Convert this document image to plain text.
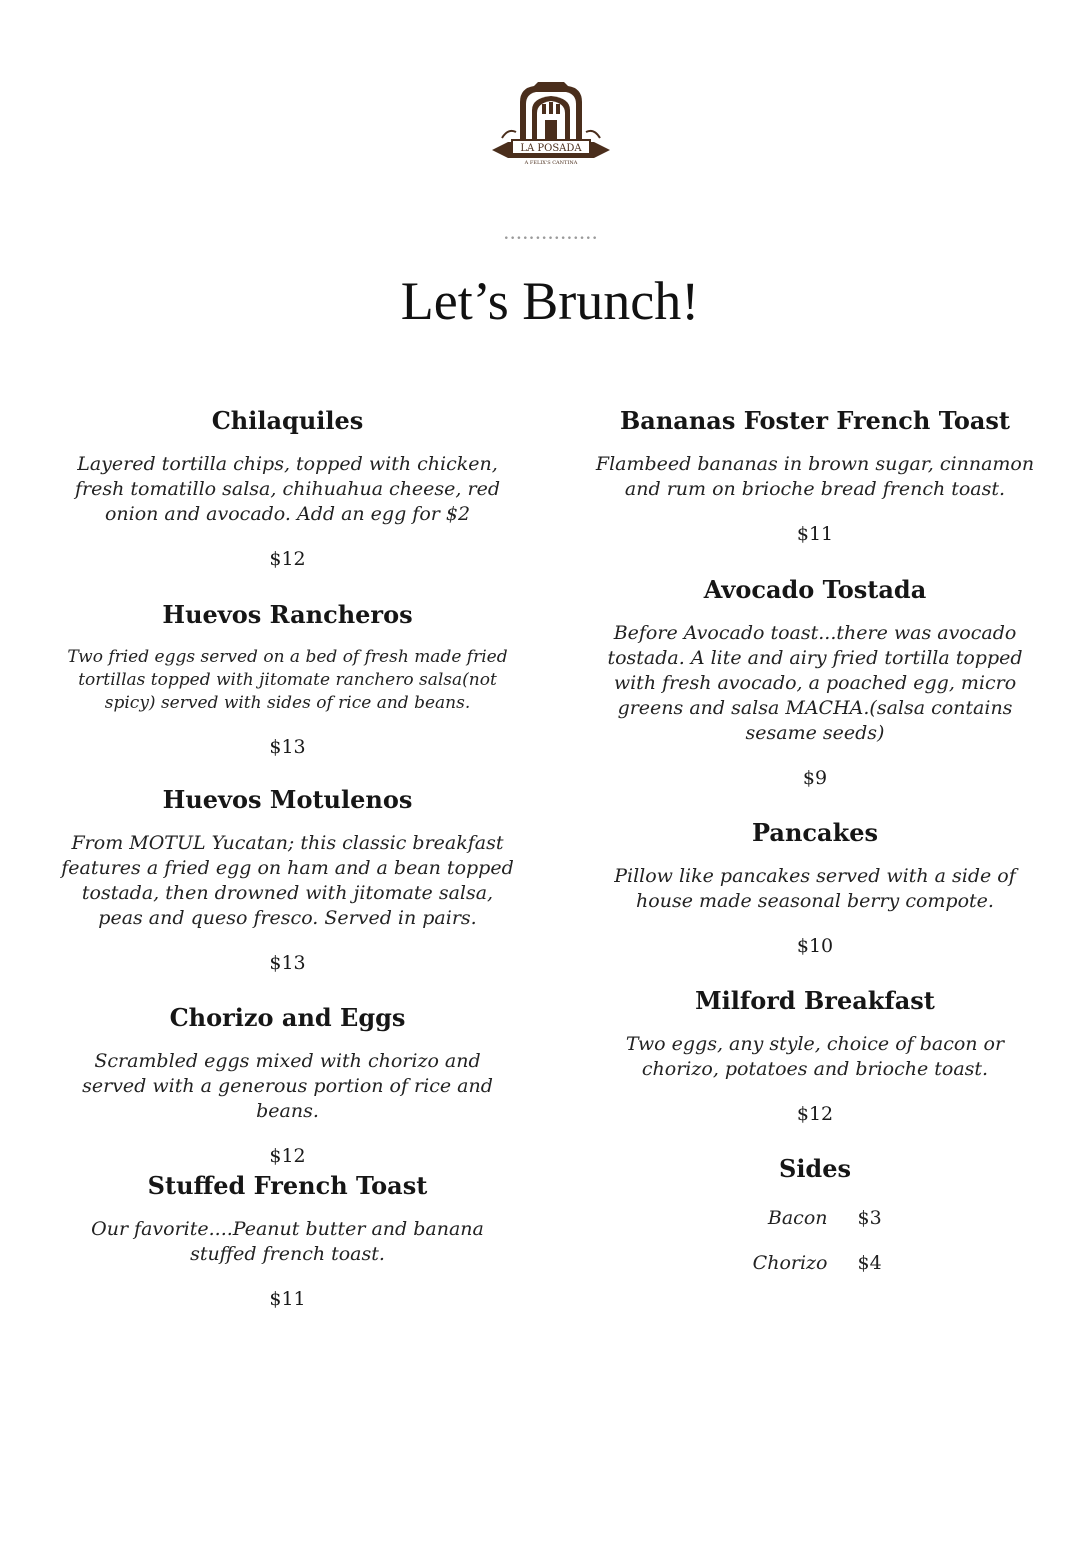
LA POSADA
A FELIX'S CANTINA
•••••••••••••••
Let’s Brunch!
Chilaquiles

Layered tortilla chips, topped with chicken, fresh tomatillo salsa, chihuahua cheese, red onion and avocado. Add an egg for $2

$12

Huevos Rancheros

Two fried eggs served on a bed of fresh made fried tortillas topped with jitomate ranchero salsa(not spicy) served with sides of rice and beans.

$13

Huevos Motulenos

From MOTUL Yucatan; this classic breakfast features a fried egg on ham and a bean topped tostada, then drowned with jitomate salsa, peas and queso fresco. Served in pairs.

$13

Chorizo and Eggs

Scrambled eggs mixed with chorizo and served with a generous portion of rice and beans.

$12

Stuffed French Toast

Our favorite....Peanut butter and banana stuffed french toast.

$11

Bananas Foster French Toast

Flambeed bananas in brown sugar, cinnamon and rum on brioche bread french toast.

$11

Avocado Tostada

Before Avocado toast...there was avocado tostada. A lite and airy fried tortilla topped with fresh avocado, a poached egg, micro greens and salsa MACHA.(salsa contains sesame seeds)

$9

Pancakes

Pillow like pancakes served with a side of house made seasonal berry compote.

$10

Milford Breakfast

Two eggs, any style, choice of bacon or chorizo, potatoes and brioche toast.

$12

Sides
Bacon $3
Chorizo $4
